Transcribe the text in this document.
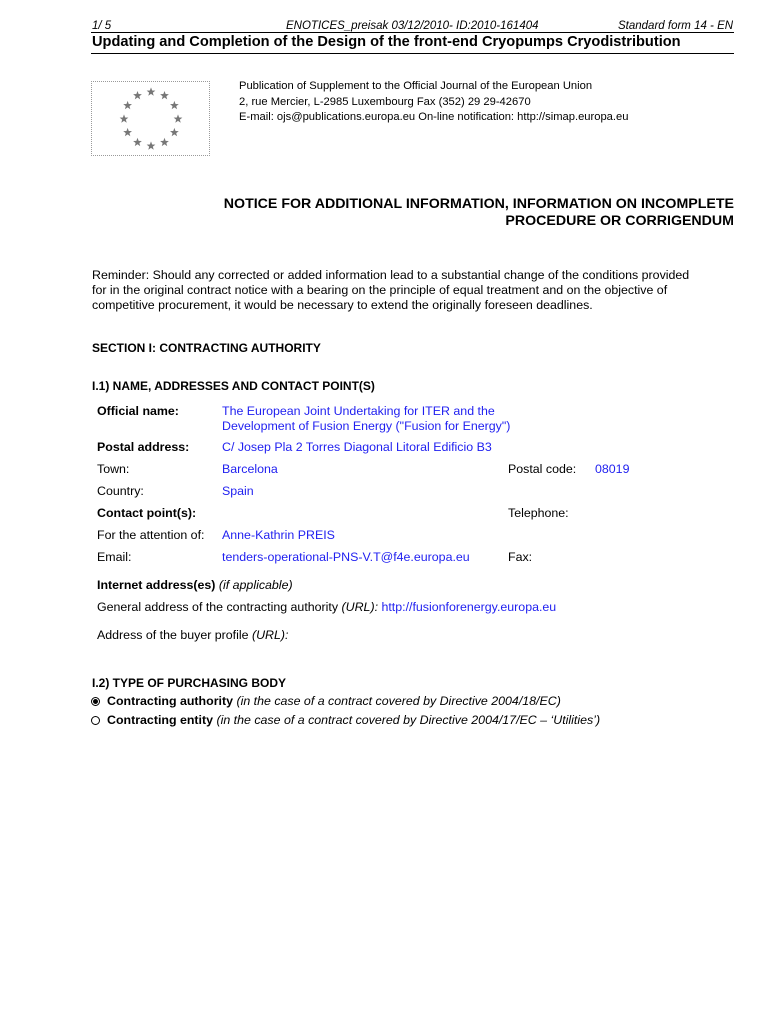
1/ 5	ENOTICES_preisak 03/12/2010- ID:2010-161404	Standard form 14 - EN
Updating and Completion of the Design of the front-end Cryopumps Cryodistribution
Publication of Supplement to the Official Journal of the European Union
2, rue Mercier, L-2985 Luxembourg Fax (352) 29 29-42670
E-mail: ojs@publications.europa.eu On-line notification: http://simap.europa.eu
NOTICE FOR ADDITIONAL INFORMATION, INFORMATION ON INCOMPLETE
PROCEDURE OR CORRIGENDUM
Reminder: Should any corrected or added information lead to a substantial change of the conditions provided
for in the original contract notice with a bearing on the principle of equal treatment and on the objective of
competitive procurement, it would be necessary to extend the originally foreseen deadlines.
SECTION I: CONTRACTING AUTHORITY
I.1) NAME, ADDRESSES AND CONTACT POINT(S)
Official name:	The European Joint Undertaking for ITER and the
Development of Fusion Energy ("Fusion for Energy")
Postal address:	C/ Josep Pla 2 Torres Diagonal Litoral Edificio B3
Town:	Barcelona	Postal code: 08019
Country:	Spain
Contact point(s):	Telephone:
For the attention of: Anne-Kathrin PREIS
Email:	tenders-operational-PNS-V.T@f4e.europa.eu	Fax:
Internet address(es) (if applicable)
General address of the contracting authority (URL): http://fusionforenergy.europa.eu
Address of the buyer profile (URL):
I.2) TYPE OF PURCHASING BODY
Contracting authority (in the case of a contract covered by Directive 2004/18/EC)
Contracting entity (in the case of a contract covered by Directive 2004/17/EC – ‘Utilities’)
